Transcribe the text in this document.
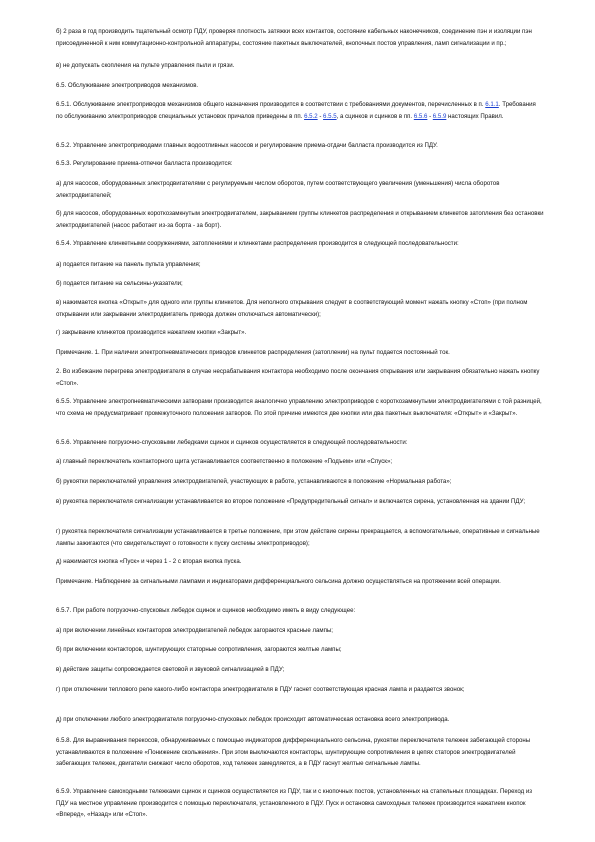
б) 2 раза в год производить тщательный осмотр ПДУ, проверяя плотность затяжки всех контактов, состояние кабельных наконечников, соединение пэн и изоляции пэн присоединенной к ним коммутационно-контрольной аппаратуры, состояние пакетных выключателей, кнопочных постов управления, ламп сигнализации и пр.;

в) не допускать скопления на пульте управления пыли и грязи.

6.5. Обслуживание электроприводов механизмов.

6.5.1. Обслуживание электроприводов механизмов общего назначения производится в соответствии с требованиями документов, перечисленных в п. 6.1.1. Требования по обслуживанию электроприводов специальных установок причалов приведены в пп. 6.5.2 - 6.5.5, а сцинков и сцинков в пп. 6.5.6 - 6.5.9 настоящих Правил.

6.5.2. Управление электроприводами главных водоотливных насосов и регулирование приема-отдачи балласта производится из ПДУ.

6.5.3. Регулирование приема-отпечки балласта производится:

а) для насосов, оборудованных электродвигателями с регулируемым числом оборотов, путем соответствующего увеличения (уменьшения) числа оборотов электродвигателей;

б) для насосов, оборудованных короткозамкнутым электродвигателем, закрыванием группы клинкетов распределения и открыванием клинкетов затопления без остановки электродвигателей (насос работает из-за борта - за борт).

6.5.4. Управление клинкетными сооружениями, затоплениями и клинкетами распределения производится в следующей последовательности:

а) подается питание на панель пульта управления;

б) подается питание на сельсины-указатели;

в) нажимается кнопка «Открыт» для одного или группы клинкетов. Для неполного открывания следует в соответствующий момент нажать кнопку «Стоп» (при полном открывании или закрывании электродвигатель привода должен отключаться автоматически);

г) закрывание клинкетов производится нажатием кнопки «Закрыт».

Примечание. 1. При наличии электропневматических приводов клинкетов распределения (затоплении) на пульт подается постоянный ток.

2. Во избежание перегрева электродвигателя в случае несрабатывания контактора необходимо после окончания открывания или закрывания обязательно нажать кнопку «Стоп».

6.5.5. Управление электропневматическими затворами производится аналогично управлению электроприводов с короткозамкнутыми электродвигателями с той разницей, что схема не предусматривает промежуточного положения затворов. По этой причине имеются две кнопки или два пакетных выключателя: «Открыт» и «Закрыт».

6.5.6. Управление погрузочно-спусковыми лебедками сцинок и сцинков осуществляется в следующей последовательности:

а) главный переключатель контакторного щита устанавливается соответственно в положение «Подъем» или «Спуск»;

б) рукоятки переключателей управления электродвигателей, участвующих в работе, устанавливаются в положение «Нормальная работа»;

в) рукоятка переключателя сигнализации устанавливается во второе положение «Предупредительный сигнал» и включается сирена, установленная на здании ПДУ;

г) рукоятка переключателя сигнализации устанавливается в третье положение, при этом действие сирены прекращается, а вспомогательные, оперативные и сигнальные лампы зажигаются (что свидетельствует о готовности к пуску системы электроприводов);

д) нажимается кнопка «Пуск» и через 1 - 2 с вторая кнопка пуска.

Примечание. Наблюдение за сигнальными лампами и индикаторами дифференциального сельсина должно осуществляться на протяжении всей операции.

6.5.7. При работе погрузочно-спусковых лебедок сцинок и сцинков необходимо иметь в виду следующее:

а) при включении линейных контакторов электродвигателей лебедок загораются красные лампы;

б) при включении контакторов, шунтирующих статорные сопротивления, загораются желтые лампы;

в) действие защиты сопровождается световой и звуковой сигнализацией в ПДУ;

г) при отключении теплового реле какого-либо контактора электродвигателя в ПДУ гаснет соответствующая красная лампа и раздается звонок;

д) при отключении любого электродвигателя погрузочно-спусковых лебедок происходит автоматическая остановка всего электропривода.

6.5.8. Для выравнивания перекосов, обнаруживаемых с помощью индикаторов дифференциального сельсина, рукоятки переключателя тележек забегающей стороны устанавливаются в положение «Понижение скольжения». При этом выключаются контакторы, шунтирующие сопротивления в цепях статоров электродвигателей забегающих тележек, двигатели снижают число оборотов, ход тележек замедляется, а в ПДУ гаснут желтые сигнальные лампы.

6.5.9. Управление самоходными тележками сцинок и сцинков осуществляется из ПДУ, так и с кнопочных постов, установленных на стапельных площадках. Переход из ПДУ на местное управление производится с помощью переключателя, установленного в ПДУ. Пуск и остановка самоходных тележек производится нажатием кнопок «Вперед», «Назад» или «Стоп».
